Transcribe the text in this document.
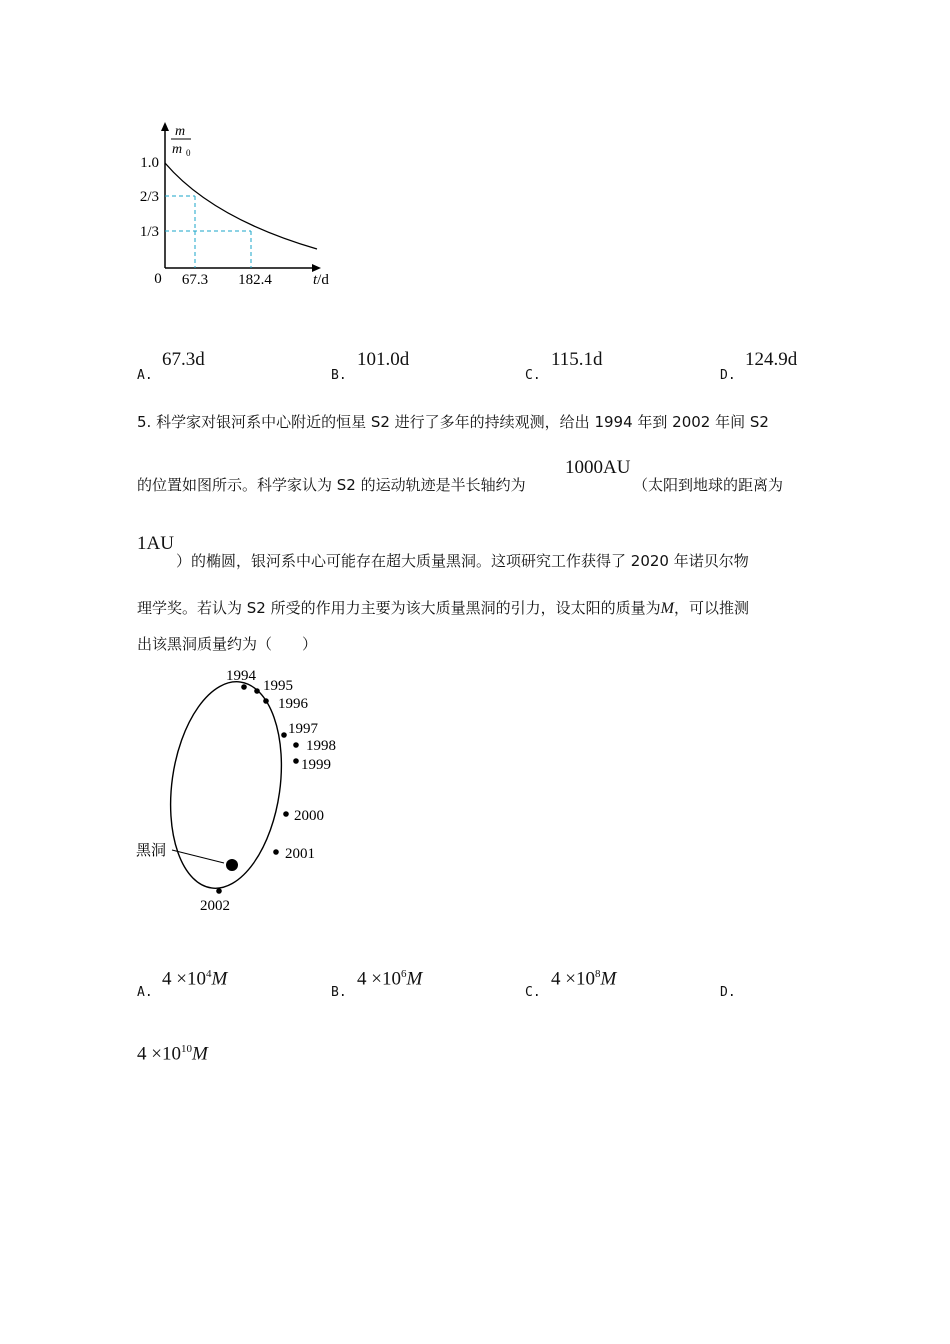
m
m 0
1.0
2/3
1/3
0 67.3 182.4	t/d
A.
67.3d
B.
101.0d
C.
115.1d
D.
124.9d
5. 科学家对银河系中心附近的恒星 S2 进行了多年的持续观测，给出 1994 年到 2002 年间 S2
的位置如图所示。科学家认为 S2 的运动轨迹是半长轴约为
1000AU
（太阳到地球的距离为
1AU
）的椭圆，银河系中心可能存在超大质量黑洞。这项研究工作获得了 2020 年诺贝尔物
理学奖。若认为 S2 所受的作用力主要为该大质量黑洞的引力，设太阳的质量为M，可以推测
出该黑洞质量约为（　　）
黑洞
1994
1995
1996
1997
1998
1999
2000
2001
2002
A.
$4 \times 10^4M$
B.
$4 \times 10^6M$
C.
$4 \times 10^8M$
D.
$4 \times 10^{10}M$
